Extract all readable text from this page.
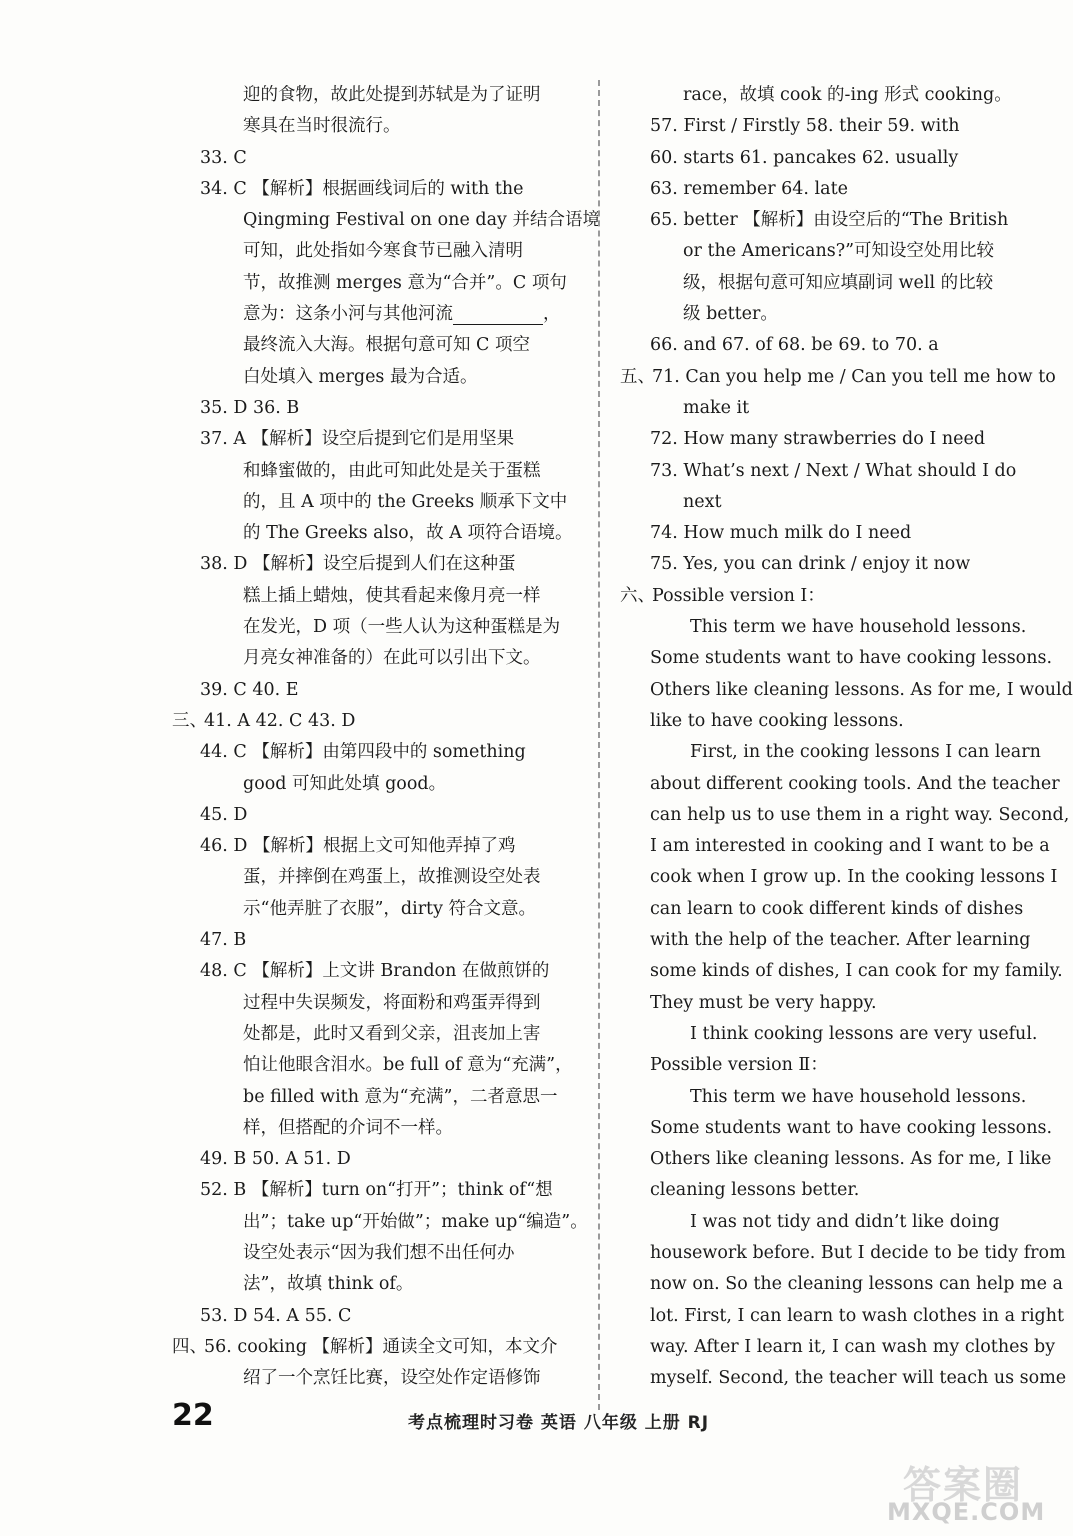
迎的食物，故此处提到苏轼是为了证明
寒具在当时很流行。
33. C
34. C 【解析】根据画线词后的 with the
Qingming Festival on one day 并结合语境
可知，此处指如今寒食节已融入清明
节，故推测 merges 意为“合并”。C 项句
意为：这条小河与其他河流	，
最终流入大海。根据句意可知 C 项空
白处填入 merges 最为合适。
35. D 36. B
37. A 【解析】设空后提到它们是用坚果
和蜂蜜做的，由此可知此处是关于蛋糕
的，且 A 项中的 the Greeks 顺承下文中
的 The Greeks also，故 A 项符合语境。
38. D 【解析】设空后提到人们在这种蛋
糕上插上蜡烛，使其看起来像月亮一样
在发光，D 项（一些人认为这种蛋糕是为
月亮女神准备的）在此可以引出下文。
39. C 40. E
三、41. A 42. C 43. D
44. C 【解析】由第四段中的 something
good 可知此处填 good。
45. D
46. D 【解析】根据上文可知他弄掉了鸡
蛋，并摔倒在鸡蛋上，故推测设空处表
示“他弄脏了衣服”，dirty 符合文意。
47. B
48. C 【解析】上文讲 Brandon 在做煎饼的
过程中失误频发，将面粉和鸡蛋弄得到
处都是，此时又看到父亲，沮丧加上害
怕让他眼含泪水。be full of 意为“充满”，
be filled with 意为“充满”，二者意思一
样，但搭配的介词不一样。
49. B 50. A 51. D
52. B 【解析】turn on“打开”；think of“想
出”；take up“开始做”；make up“编造”。
设空处表示“因为我们想不出任何办
法”，故填 think of。
53. D 54. A 55. C
四、56. cooking 【解析】通读全文可知，本文介
绍了一个烹饪比赛，设空处作定语修饰
race，故填 cook 的-ing 形式 cooking。
57. First / Firstly 58. their 59. with
60. starts 61. pancakes 62. usually
63. remember 64. late
65. better 【解析】由设空后的“The British
or the Americans?”可知设空处用比较
级，根据句意可知应填副词 well 的比较
级 better。
66. and 67. of 68. be 69. to 70. a
五、71. Can you help me / Can you tell me how to
make it
72. How many strawberries do I need
73. What’s next / Next / What should I do
next
74. How much milk do I need
75. Yes, you can drink / enjoy it now
六、Possible version Ⅰ：
This term we have household lessons.
Some students want to have cooking lessons.
Others like cleaning lessons. As for me, I would
like to have cooking lessons.
First, in the cooking lessons I can learn
about different cooking tools. And the teacher
can help us to use them in a right way. Second,
I am interested in cooking and I want to be a
cook when I grow up. In the cooking lessons I
can learn to cook different kinds of dishes
with the help of the teacher. After learning
some kinds of dishes, I can cook for my family.
They must be very happy.
I think cooking lessons are very useful.
Possible version Ⅱ：
This term we have household lessons.
Some students want to have cooking lessons.
Others like cleaning lessons. As for me, I like
cleaning lessons better.
I was not tidy and didn’t like doing
housework before. But I decide to be tidy from
now on. So the cleaning lessons can help me a
lot. First, I can learn to wash clothes in a right
way. After I learn it, I can wash my clothes by
myself. Second, the teacher will teach us some
22	考点梳理时习卷 英语 八年级 上册 RJ
答案圈
MXQE.COM
